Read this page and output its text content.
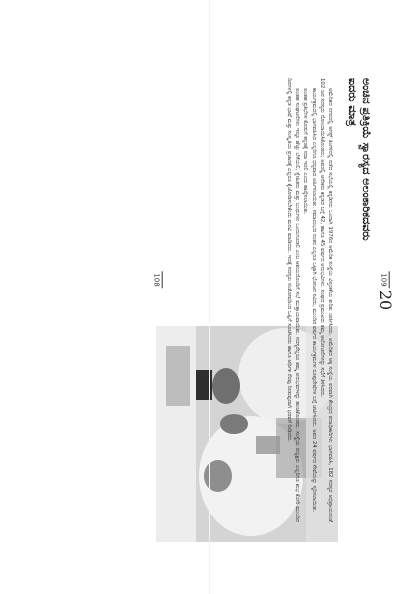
108
20
ಅಂಚಿನ ಪ್ರತಿಕ್ರಿಯೆ ಸ್ವಾರಸ್ಯದ ಅಲಂಕಾರಿಕದವರು
ಐದರು ಮಾತ್ರ

ಅಮೆರಿಕದ ನಗರದಲ್ಲಿ ಆಗಸ್ಟ್ ತಿಂಗಳಿನಲ್ಲಿ ನಡೆದ ಸಭೆಯಲ್ಲಿ ಕನ್ನಡಿಗರು ಒಂದಾಗಿ 1976ರ ಅಮೆರಿಕ ಸಂಸ್ಥೆಯ ವಿಸ್ತರಣೆಯ ಕುರಿತು ಚರ್ಚಿಸಿದರು. ಅಮೆರಿಕದ ಅಕ್ಕ ಸಂಸ್ಥೆಯ ಪರವಾಗಿ ಕೇಂದ್ರದ ಪದಾಧಿಕಾರಿಗಳು ಭಾಗವಹಿಸಿ, 182 ಸದಸ್ಯರ ಅಭಿಪ್ರಾಯದಂತೆ 102 ಜನ ಸದಸ್ಯರು ನೋಂದಾಯಿಸಿಕೊಂಡರು; ಅವರಲ್ಲಿ ಅನೇಕರು ಕನ್ನಡದ ಬಗ್ಗೆ 42, ಹಾಗೂ 45 ವರ್ಷದ ಅನುಭವಿಗಳು. ಸಂಘದ ಪ್ರಮುಖರು ತಮ್ಮ ಆಲೋಚನೆಗಳನ್ನು ಸಭೆಗೆ ತಿಳಿಸಿದರು.

ಕಾರ್ಯಕ್ರಮದಲ್ಲಿ ಭಾಗವಹಿಸಿದ ಎಲ್ಲರಿಗೂ ಧನ್ಯವಾದ ಅರ್ಪಿಸಲಾಯಿತು. ಸಮಾರಂಭದ ನಂತರ ಎಲ್ಲರೂ ಒಟ್ಟಾಗಿ ಭೋಜನ ಸವಿದು, ಮುಂದಿನ ವರ್ಷದ ಕಾರ್ಯಕ್ರಮಗಳ ರೂಪುರೇಷೆಗಳ ಬಗ್ಗೆ ಚರ್ಚಿಸಿದರು. ಅವರ 24 ವರ್ಷದ ಸೇವೆಯನ್ನು ಸ್ಮರಿಸಲಾಯಿತು.

ಅಂತಹ ಪ್ರತಿಭೆಗಳ ಕೊಡುಗೆ ಕನ್ನಡಕ್ಕೆ ಸದಾ ಇರಲಿ ಎಂದು ಹಾರೈಸಲಾಯಿತು.

ಅಂತಹ ಸಂಘಟನೆಗಳು ಇನ್ನೂ ಹೆಚ್ಚು ಬೆಳೆಯಲಿ, ಸ್ನೇಹಿತರು ಮತ್ತು ಬಂಧುಗಳು ಒಂದುಗೂಡಲಿ ಎಂಬ ಆಶಯದೊಂದಿಗೆ ಸಭೆ ಮುಕ್ತಾಯವಾಯಿತು. ಸದಸ್ಯರೆಲ್ಲರೂ ತಮ್ಮ ಅನುಭವಗಳನ್ನು ಹಂಚಿಕೊಂಡರು. ಸಂಸ್ಥೆಯ ಅಧ್ಯಕ್ಷರು ಎಲ್ಲರಿಗೂ ಶುಭ ಕೋರಿ ಮುಂದಿನ ದಿನಗಳಲ್ಲಿ ಕನ್ನಡ ಭಾಷೆ ಮತ್ತು ಸಂಸ್ಕೃತಿಯ ಪ್ರಚಾರಕ್ಕೆ ಎಲ್ಲರೂ ಕೈಜೋಡಿಸಬೇಕೆಂದು ಮನವಿ ಮಾಡಿದರು. ಇದಕ್ಕೆ ಸದಸ್ಯರು ಸಂತೋಷದಿಂದ ಒಪ್ಪಿಗೆ ಸೂಚಿಸಿದರು ಹಾಗೂ ಆರ್ಥಿಕ ನೆರವು ನೀಡುವುದಾಗಿ ಭರವಸೆ ನೀಡಿದರು.	109
